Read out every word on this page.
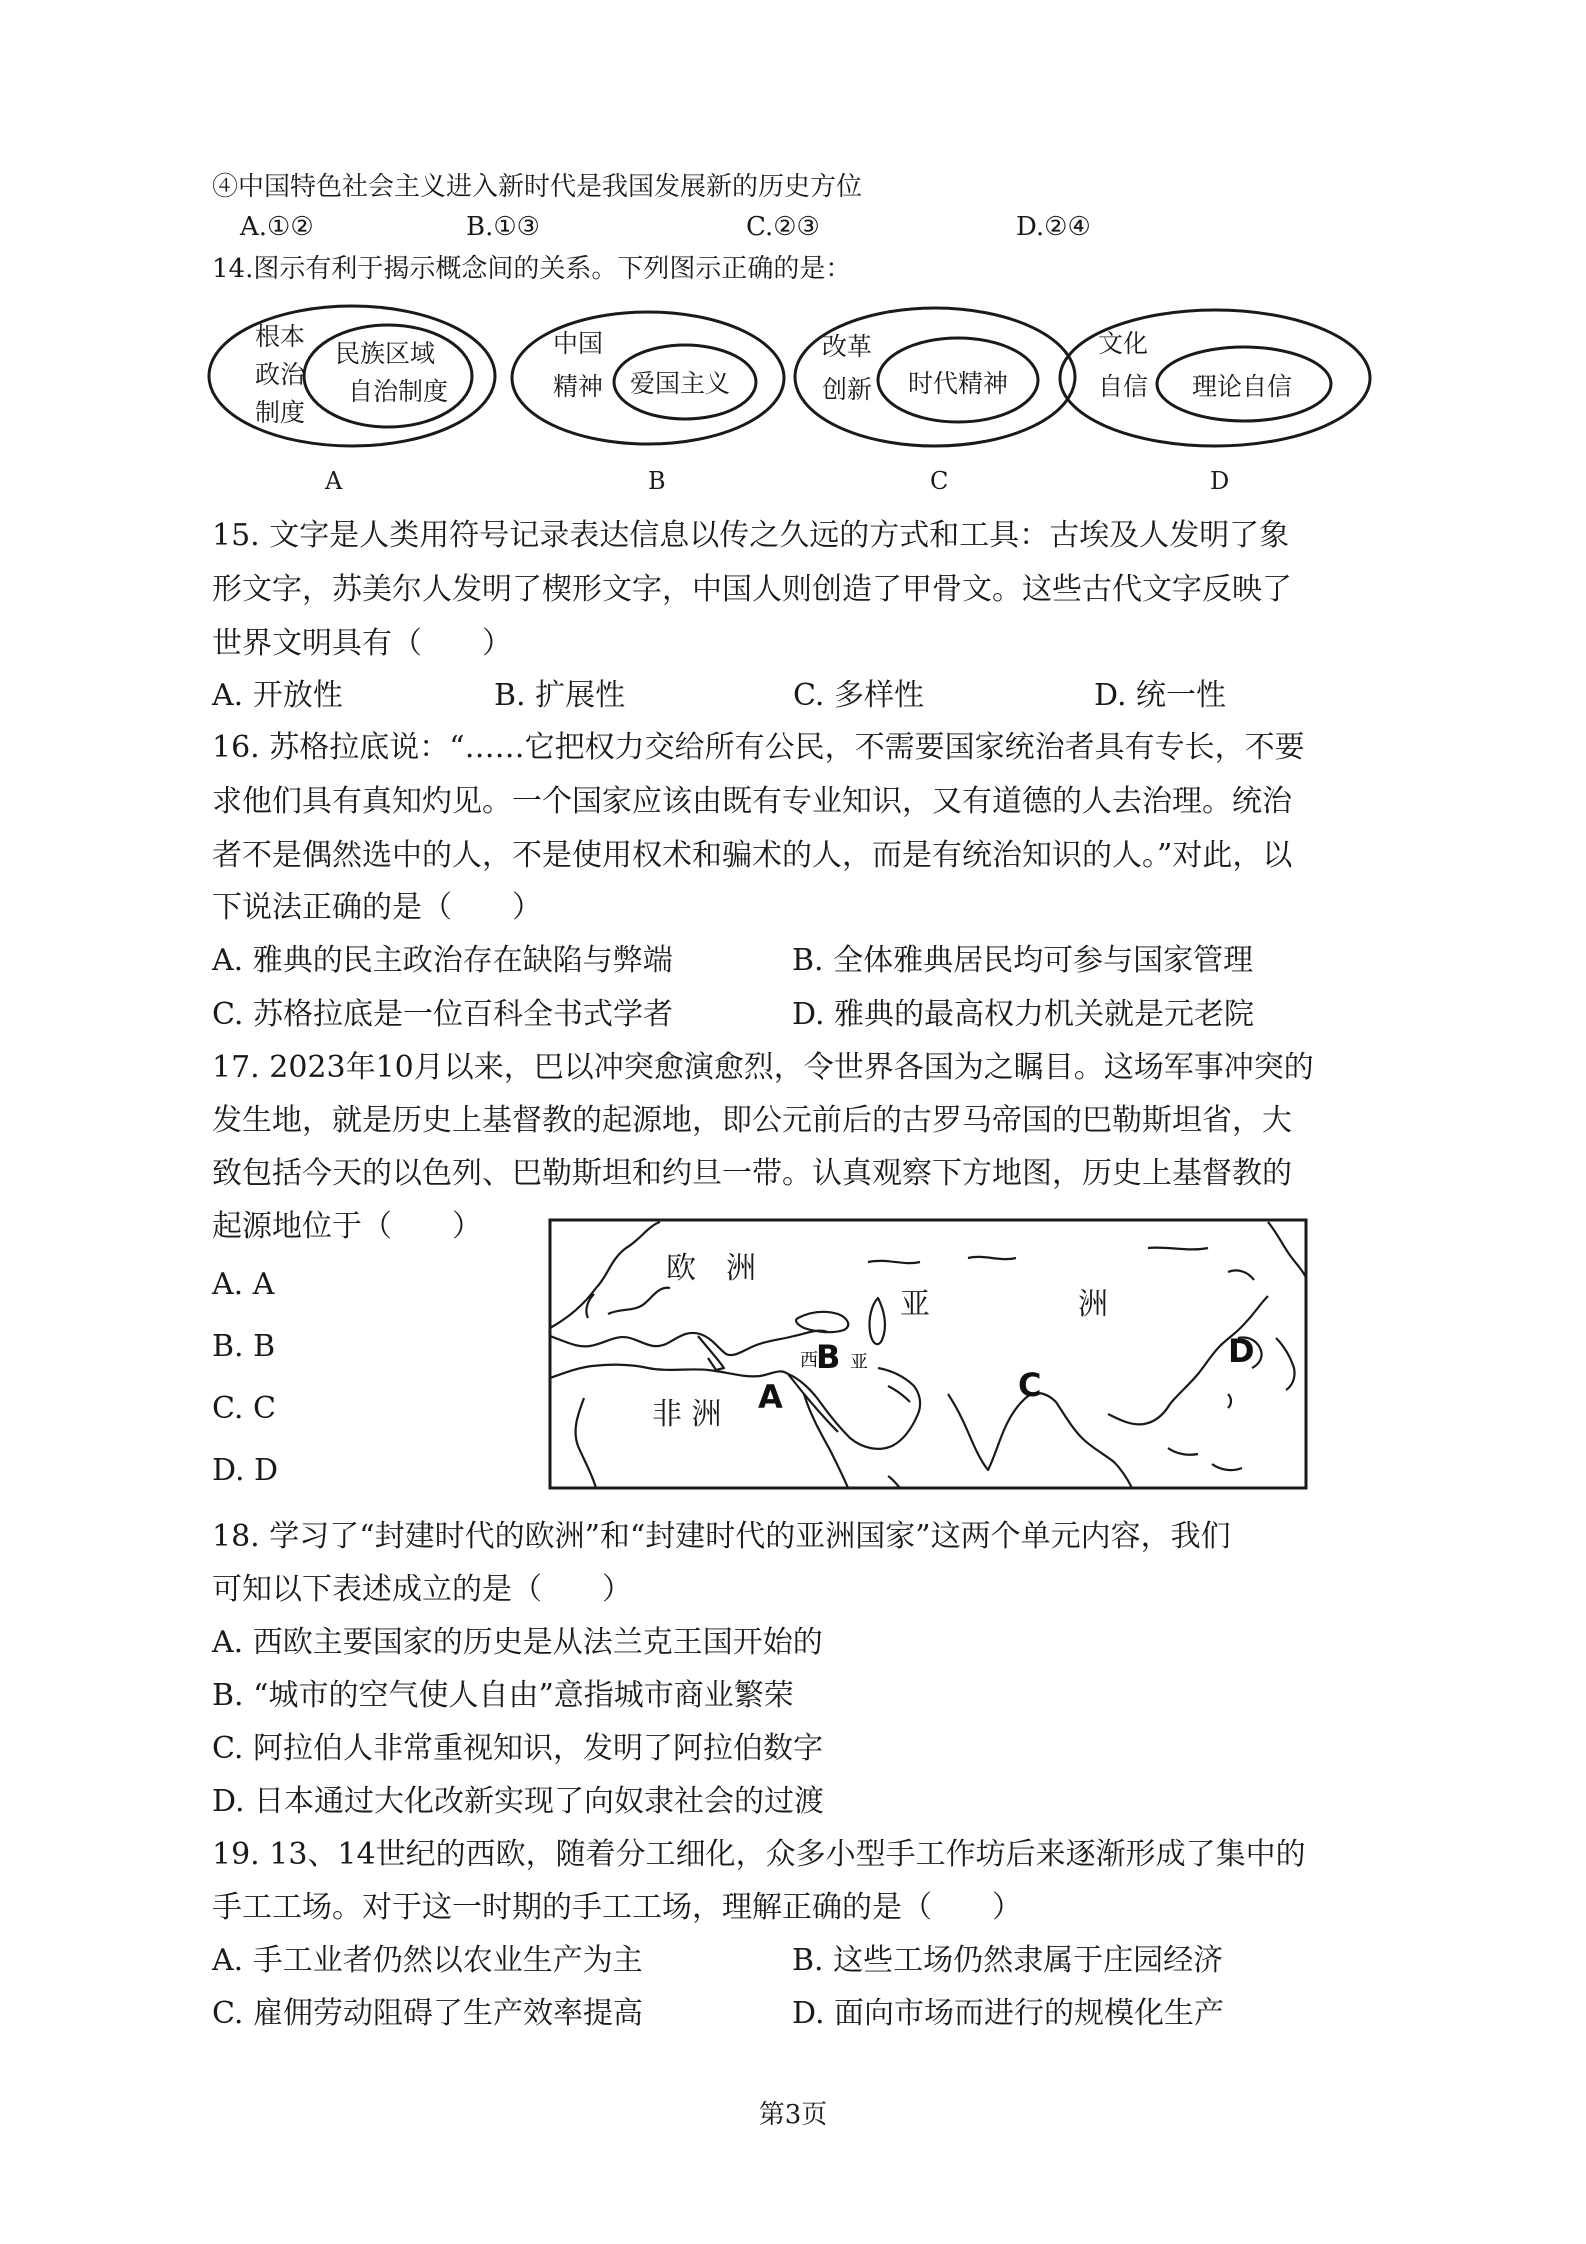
④中国特色社会主义进入新时代是我国发展新的历史方位
A.①②	B.①③	C.②③	D.②④
14.图示有利于揭示概念间的关系。下列图示正确的是：
根本
政治
制度
民族区域
自治制度
中国
精神 爱国主义
改革
创新 时代精神
文化
自信 理论自信
A	B	C	D
15. 文字是人类用符号记录表达信息以传之久远的方式和工具：古埃及人发明了象
形文字，苏美尔人发明了楔形文字，中国人则创造了甲骨文。这些古代文字反映了
世界文明具有（　　）
A. 开放性	B. 扩展性	C. 多样性	D. 统一性
16. 苏格拉底说：“……它把权力交给所有公民，不需要国家统治者具有专长，不要
求他们具有真知灼见。一个国家应该由既有专业知识，又有道德的人去治理。统治
者不是偶然选中的人，不是使用权术和骗术的人，而是有统治知识的人。”对此，以
下说法正确的是（　　）
A. 雅典的民主政治存在缺陷与弊端	B. 全体雅典居民均可参与国家管理
C. 苏格拉底是一位百科全书式学者	D. 雅典的最高权力机关就是元老院
17. 2023年10月以来，巴以冲突愈演愈烈，令世界各国为之瞩目。这场军事冲突的
发生地，就是历史上基督教的起源地，即公元前后的古罗马帝国的巴勒斯坦省，大
致包括今天的以色列、巴勒斯坦和约旦一带。认真观察下方地图，历史上基督教的
起源地位于（　　）
A. A
B. B
C. C
D. D
欧　洲
亚	洲
非 洲
西 亚
A
B
C
D
18. 学习了“封建时代的欧洲”和“封建时代的亚洲国家”这两个单元内容，我们
可知以下表述成立的是（　　）
A. 西欧主要国家的历史是从法兰克王国开始的
B. “城市的空气使人自由”意指城市商业繁荣
C. 阿拉伯人非常重视知识，发明了阿拉伯数字
D. 日本通过大化改新实现了向奴隶社会的过渡
19. 13、14世纪的西欧，随着分工细化，众多小型手工作坊后来逐渐形成了集中的
手工工场。对于这一时期的手工工场，理解正确的是（　　）
A. 手工业者仍然以农业生产为主	B. 这些工场仍然隶属于庄园经济
C. 雇佣劳动阻碍了生产效率提高	D. 面向市场而进行的规模化生产
第3页
